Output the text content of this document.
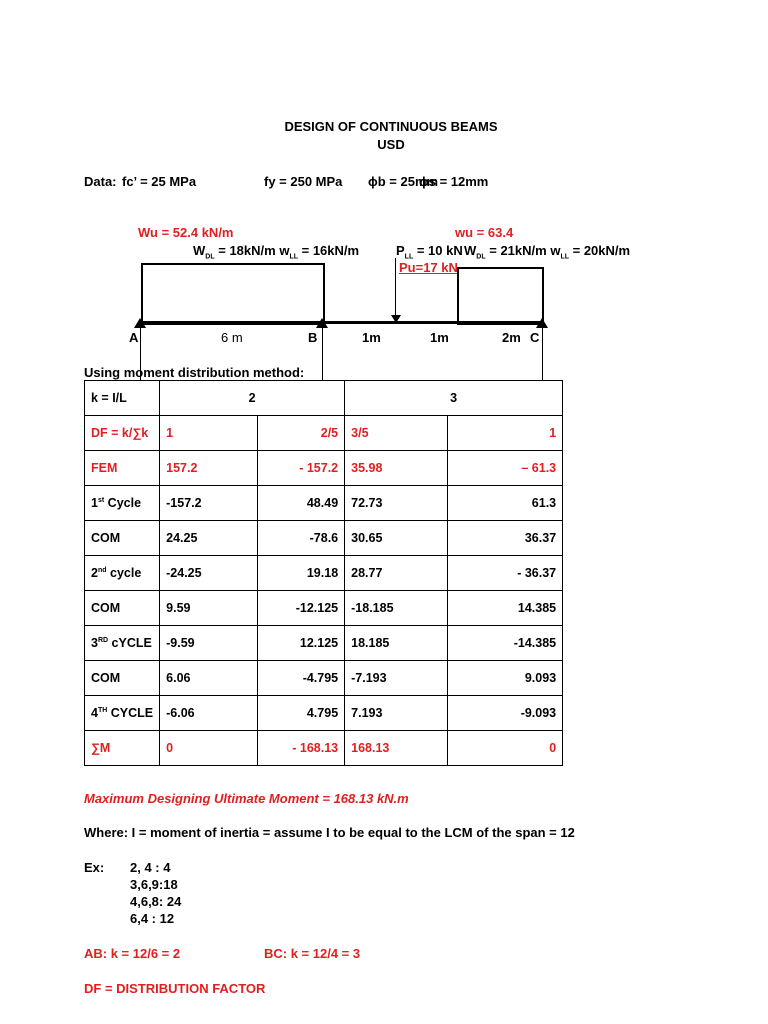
DESIGN OF CONTINUOUS BEAMS
USD
Data: fc’ = 25 MPa	fy = 250 MPa ϕb = 25mm
ϕs = 12mm
Wu = 52.4 kN/m
$W_{DL} = 18kN/m$ $w_{LL} = 16kN/m$
wu = 63.4
$P_{LL} = 10$ kN $W_{DL} = 21kN/m$ $w_{LL} = 20kN/m$
Pu=17 kN
A	6 m	B	1m	1m	2m C
Using moment distribution method:
k = I/L	2		3	
DF = k/∑k	1	2/5	3/5	1
FEM	157.2	- 157.2	35.98	– 61.3
1st Cycle	-157.2	48.49	72.73	61.3
COM	24.25	-78.6	30.65	36.37
2nd cycle	-24.25	19.18	28.77	- 36.37
COM	9.59	-12.125	-18.185	14.385
3RD cYCLE	-9.59	12.125	18.185	-14.385
COM	6.06	-4.795	-7.193	9.093
4TH CYCLE	-6.06	4.795	7.193	-9.093
∑M	0	- 168.13	168.13	0
Maximum Designing Ultimate Moment = 168.13 kN.m
Where: I = moment of inertia = assume I to be equal to the LCM of the span = 12
Ex: 2, 4 : 4
3,6,9:18
4,6,8: 24
6,4 : 12
AB: k = 12/6 = 2	BC: k = 12/4 = 3
DF = DISTRIBUTION FACTOR
